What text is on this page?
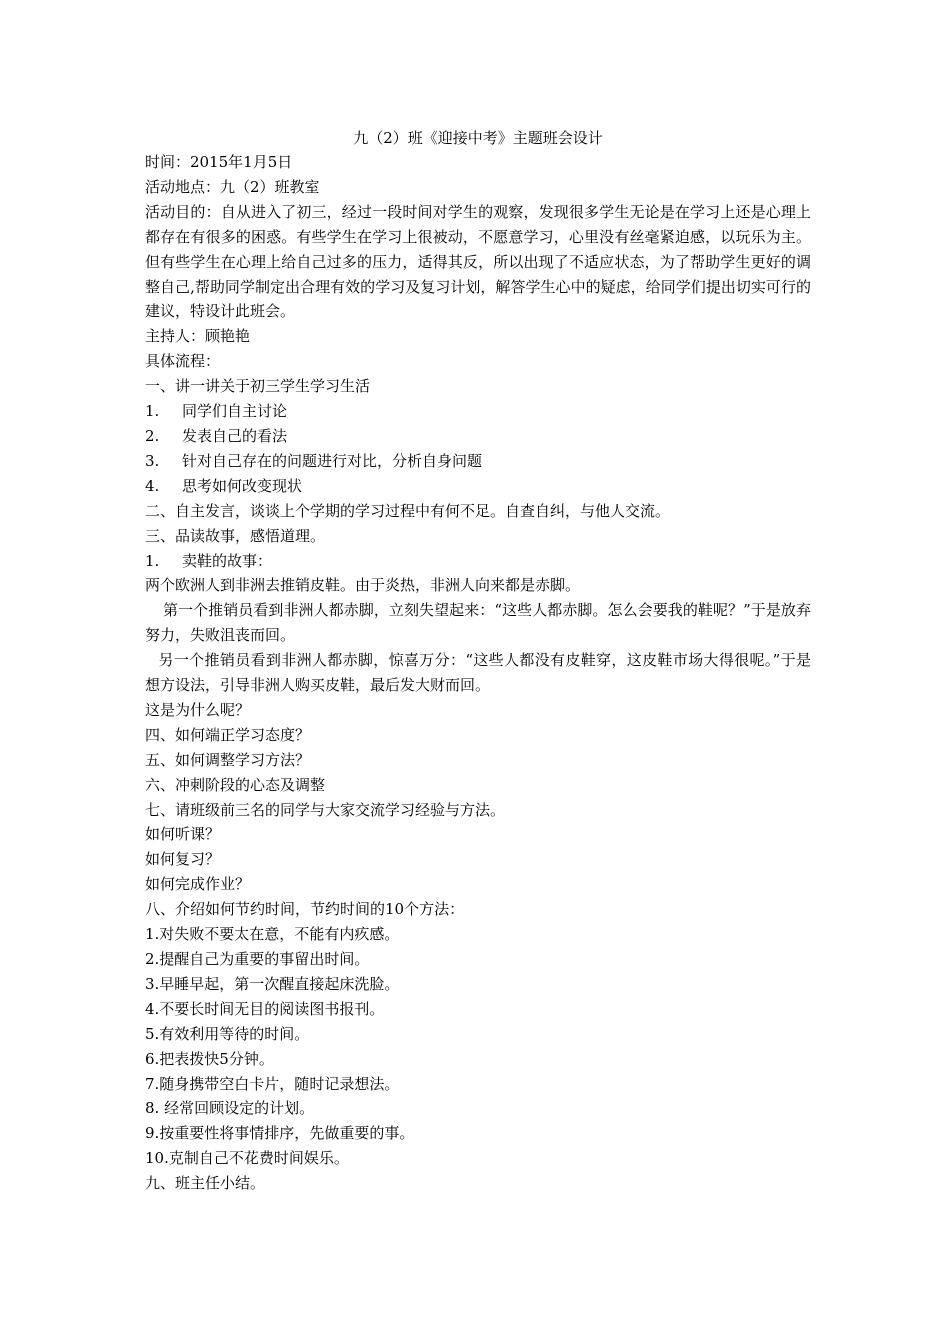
九（2）班《迎接中考》主题班会设计
时间：2015年1月5日
活动地点：九（2）班教室
活动目的：自从进入了初三，经过一段时间对学生的观察，发现很多学生无论是在学习上还是心理上都存在有很多的困惑。有些学生在学习上很被动，不愿意学习，心里没有丝毫紧迫感，以玩乐为主。但有些学生在心理上给自己过多的压力，适得其反，所以出现了不适应状态，为了帮助学生更好的调整自己,帮助同学制定出合理有效的学习及复习计划，解答学生心中的疑虑，给同学们提出切实可行的建议，特设计此班会。
主持人：顾艳艳
具体流程：
一、讲一讲关于初三学生学习生活
1. 同学们自主讨论
2. 发表自己的看法
3. 针对自己存在的问题进行对比，分析自身问题
4. 思考如何改变现状
二、自主发言，谈谈上个学期的学习过程中有何不足。自查自纠，与他人交流。
三、品读故事，感悟道理。
1. 卖鞋的故事：
两个欧洲人到非洲去推销皮鞋。由于炎热，非洲人向来都是赤脚。
第一个推销员看到非洲人都赤脚，立刻失望起来：“这些人都赤脚。怎么会要我的鞋呢？”于是放弃努力，失败沮丧而回。
另一个推销员看到非洲人都赤脚，惊喜万分：“这些人都没有皮鞋穿，这皮鞋市场大得很呢。”于是想方设法，引导非洲人购买皮鞋，最后发大财而回。
这是为什么呢？
四、如何端正学习态度？
五、如何调整学习方法？
六、冲刺阶段的心态及调整
七、请班级前三名的同学与大家交流学习经验与方法。
如何听课？
如何复习？
如何完成作业？
八、介绍如何节约时间，节约时间的10个方法：
1.对失败不要太在意，不能有内疚感。
2.提醒自己为重要的事留出时间。
3.早睡早起，第一次醒直接起床洗脸。
4.不要长时间无目的阅读图书报刊。
5.有效利用等待的时间。
6.把表拨快5分钟。
7.随身携带空白卡片，随时记录想法。
8. 经常回顾设定的计划。
9.按重要性将事情排序，先做重要的事。
10.克制自己不花费时间娱乐。
九、班主任小结。
